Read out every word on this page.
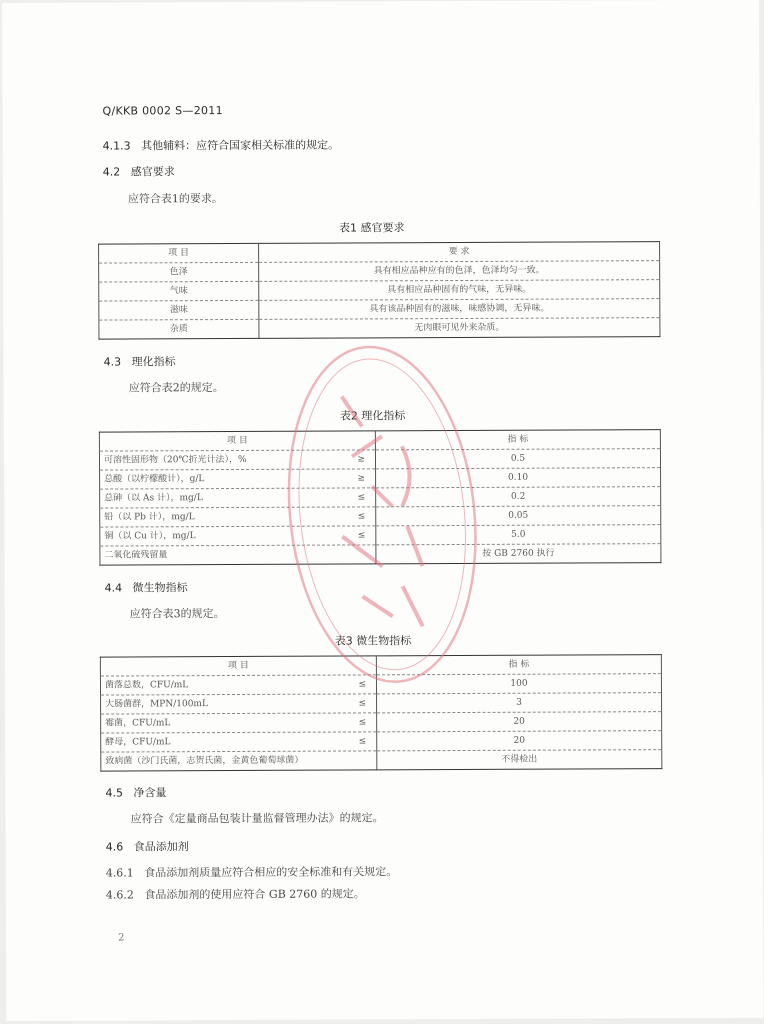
Q/KKB 0002 S—2011
4.1.3 其他辅料：应符合国家相关标准的规定。
4.2 感官要求
应符合表1的要求。
表1 感官要求
项 目	要 求
色泽	具有相应品种应有的色泽，色泽均匀一致。
气味	具有相应品种固有的气味，无异味。
滋味	具有该品种固有的滋味，味感协调，无异味。
杂质	无肉眼可见外来杂质。
4.3 理化指标
应符合表2的规定。
表2 理化指标
项 目	指 标
可溶性固形物（20℃折光计法），% ≥	0.5
总酸（以柠檬酸计），g/L ≥	0.10
总砷（以 As 计），mg/L ≤	0.2
铅（以 Pb 计），mg/L ≤	0.05
铜（以 Cu 计），mg/L ≤	5.0
二氧化硫残留量	按 GB 2760 执行
4.4 微生物指标
应符合表3的规定。
表3 微生物指标
项 目	指 标
菌落总数，CFU/mL ≤	100
大肠菌群，MPN/100mL ≤	3
霉菌，CFU/mL ≤	20
酵母，CFU/mL ≤	20
致病菌（沙门氏菌，志贺氏菌，金黄色葡萄球菌）	不得检出
4.5 净含量
应符合《定量商品包装计量监督管理办法》的规定。
4.6 食品添加剂
4.6.1 食品添加剂质量应符合相应的安全标准和有关规定。
4.6.2 食品添加剂的使用应符合 GB 2760 的规定。
2
